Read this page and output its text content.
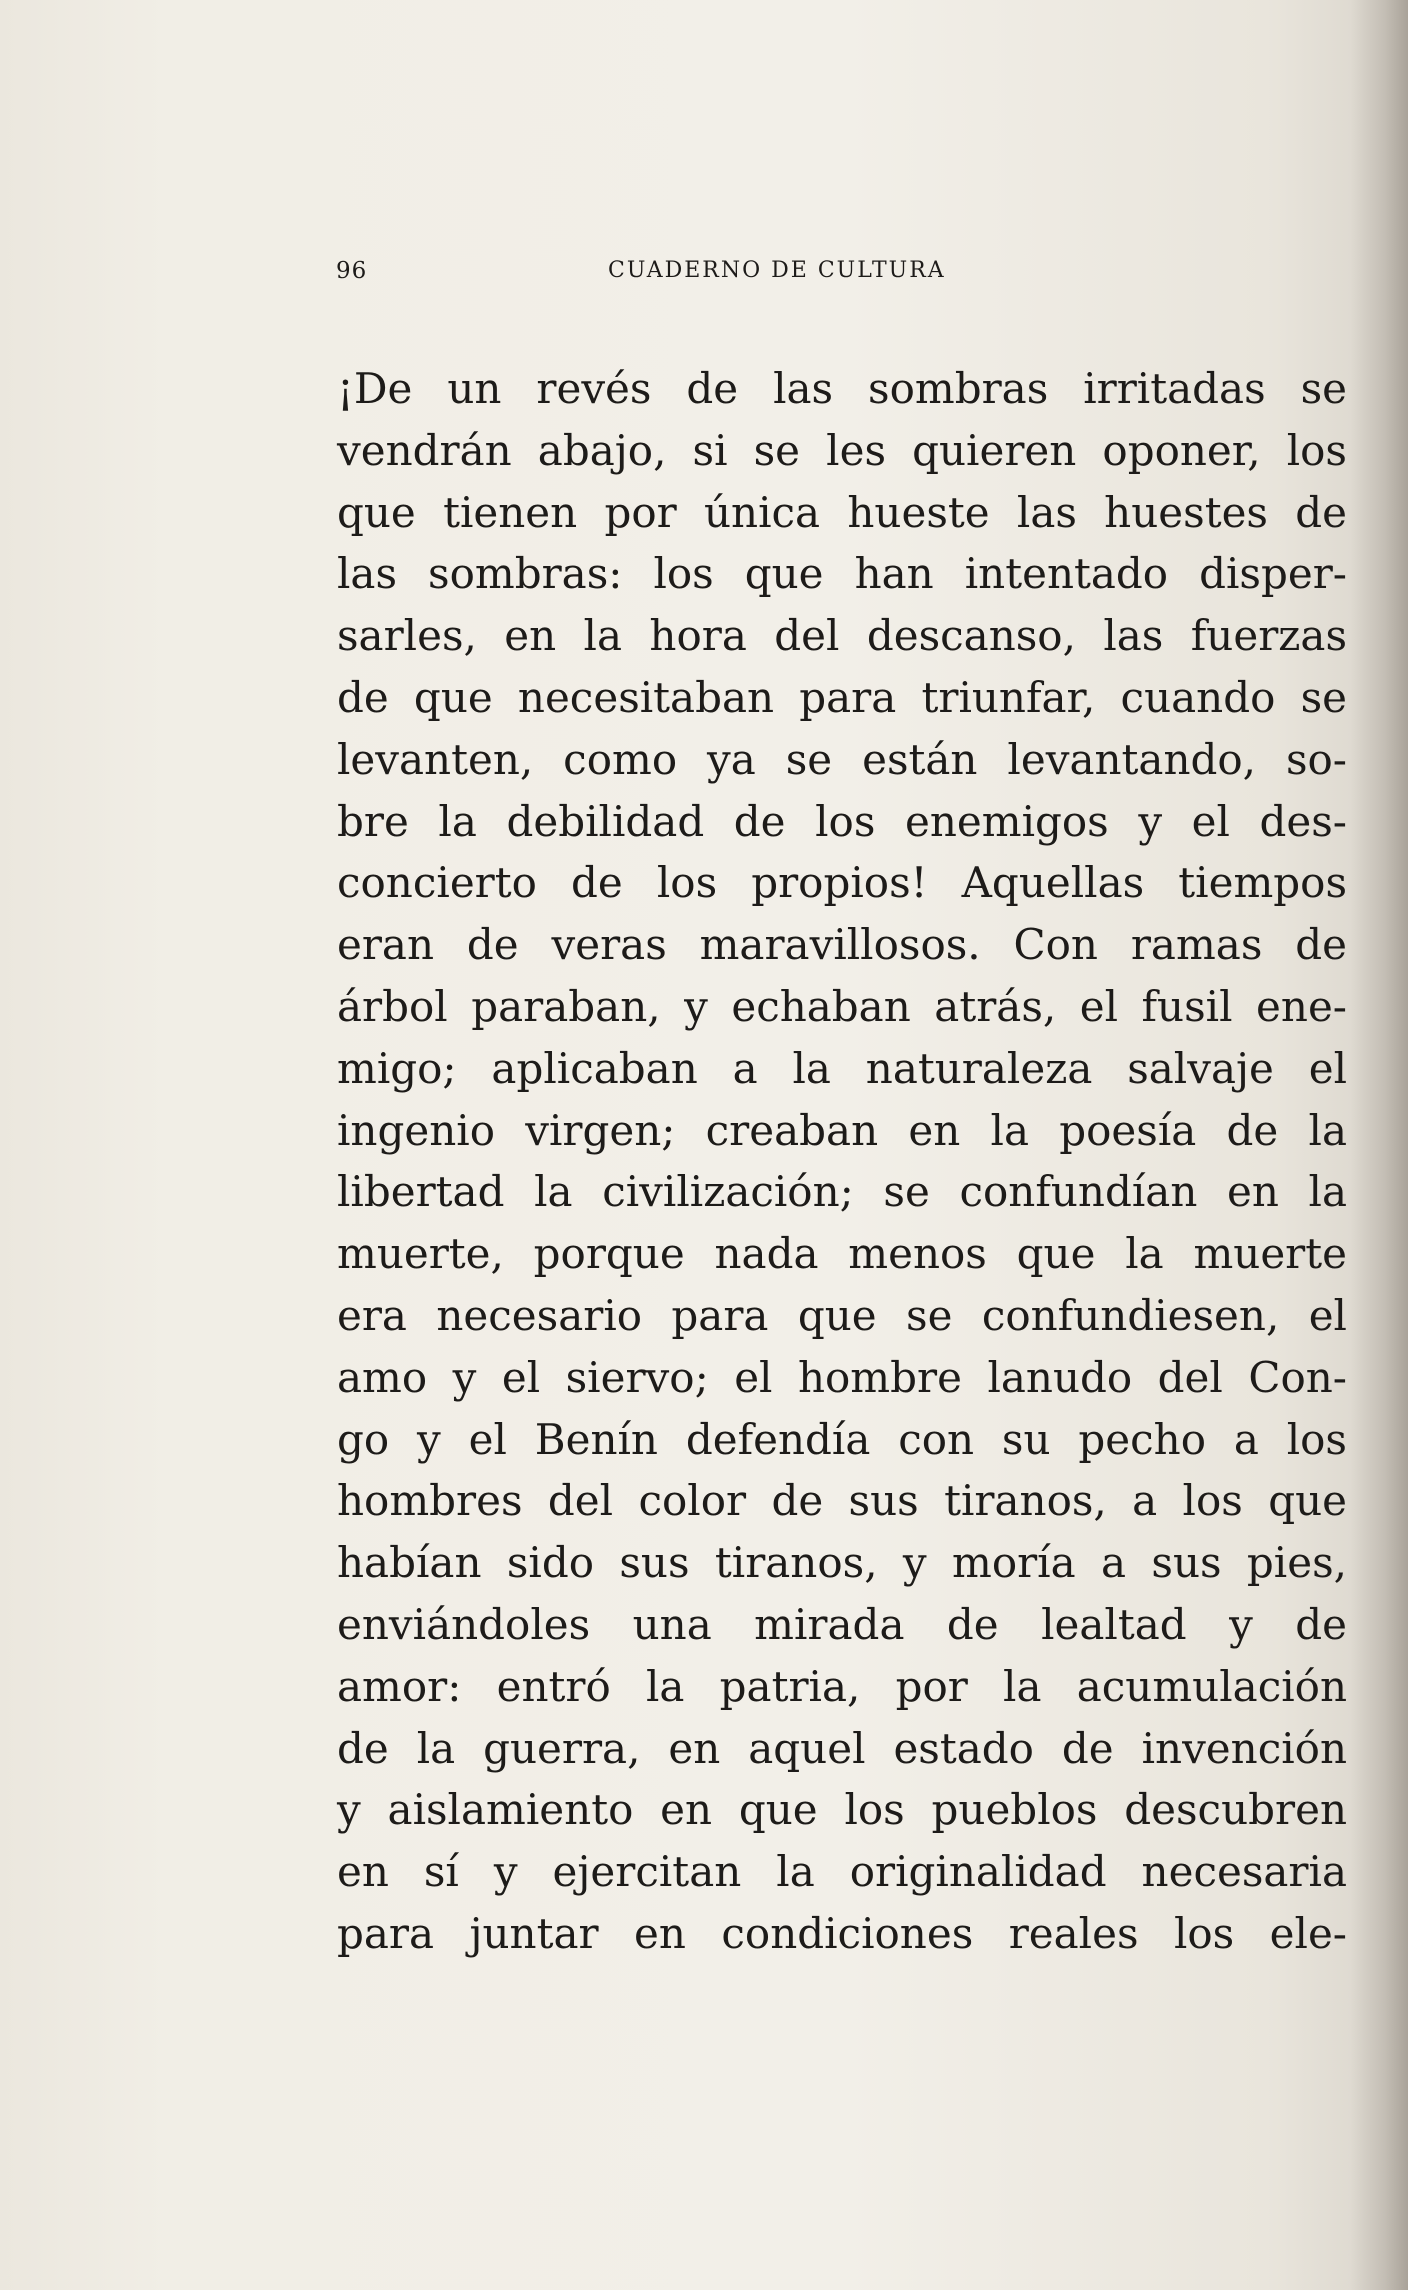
96	CUADERNO DE CULTURA
¡De un revés de las sombras irritadas se
vendrán abajo, si se les quieren oponer, los
que tienen por única hueste las huestes de
las sombras: los que han intentado disper-
sarles, en la hora del descanso, las fuerzas
de que necesitaban para triunfar, cuando se
levanten, como ya se están levantando, so-
bre la debilidad de los enemigos y el des-
concierto de los propios! Aquellas tiempos
eran de veras maravillosos. Con ramas de
árbol paraban, y echaban atrás, el fusil ene-
migo; aplicaban a la naturaleza salvaje el
ingenio virgen; creaban en la poesía de la
libertad la civilización; se confundían en la
muerte, porque nada menos que la muerte
era necesario para que se confundiesen, el
amo y el siervo; el hombre lanudo del Con-
go y el Benín defendía con su pecho a los
hombres del color de sus tiranos, a los que
habían sido sus tiranos, y moría a sus pies,
enviándoles una mirada de lealtad y de
amor: entró la patria, por la acumulación
de la guerra, en aquel estado de invención
y aislamiento en que los pueblos descubren
en sí y ejercitan la originalidad necesaria
para juntar en condiciones reales los ele-
